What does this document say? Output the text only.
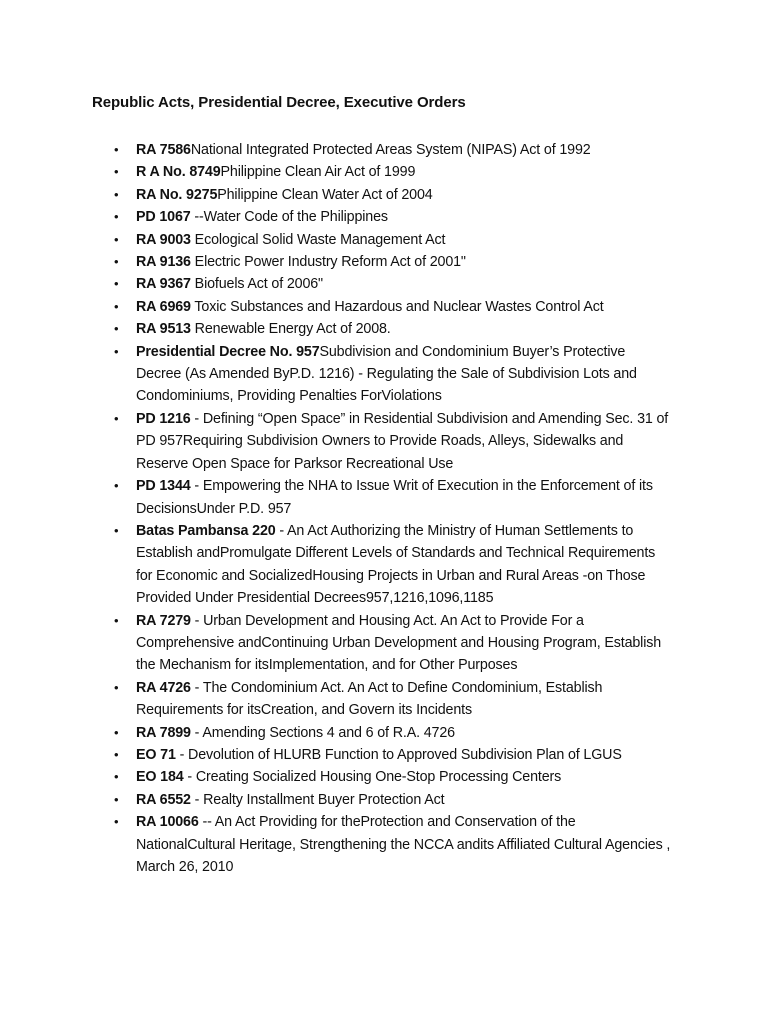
Republic Acts, Presidential Decree, Executive Orders
• RA 7586National Integrated Protected Areas System (NIPAS) Act of 1992
• R A No. 8749Philippine Clean Air Act of 1999
• RA No. 9275Philippine Clean Water Act of 2004
• PD 1067 --Water Code of the Philippines
• RA 9003 Ecological Solid Waste Management Act
• RA 9136 Electric Power Industry Reform Act of 2001"
• RA 9367 Biofuels Act of 2006"
• RA 6969 Toxic Substances and Hazardous and Nuclear Wastes Control Act
• RA 9513 Renewable Energy Act of 2008.
• Presidential Decree No. 957Subdivision and Condominium Buyer’s Protective Decree (As Amended ByP.D. 1216) - Regulating the Sale of Subdivision Lots and Condominiums, Providing Penalties ForViolations
• PD 1216 - Defining “Open Space” in Residential Subdivision and Amending Sec. 31 of PD 957Requiring Subdivision Owners to Provide Roads, Alleys, Sidewalks and Reserve Open Space for Parksor Recreational Use
• PD 1344 - Empowering the NHA to Issue Writ of Execution in the Enforcement of its DecisionsUnder P.D. 957
• Batas Pambansa 220 - An Act Authorizing the Ministry of Human Settlements to Establish andPromulgate Different Levels of Standards and Technical Requirements for Economic and SocializedHousing Projects in Urban and Rural Areas -on Those Provided Under Presidential Decrees957,1216,1096,1185
• RA 7279 - Urban Development and Housing Act. An Act to Provide For a Comprehensive andContinuing Urban Development and Housing Program, Establish the Mechanism for itsImplementation, and for Other Purposes
• RA 4726 - The Condominium Act. An Act to Define Condominium, Establish Requirements for itsCreation, and Govern its Incidents
• RA 7899 - Amending Sections 4 and 6 of R.A. 4726
• EO 71 - Devolution of HLURB Function to Approved Subdivision Plan of LGUS
• EO 184 - Creating Socialized Housing One-Stop Processing Centers
• RA 6552 - Realty Installment Buyer Protection Act
• RA 10066 -- An Act Providing for theProtection and Conservation of the NationalCultural Heritage, Strengthening the NCCA andits Affiliated Cultural Agencies , March 26, 2010
